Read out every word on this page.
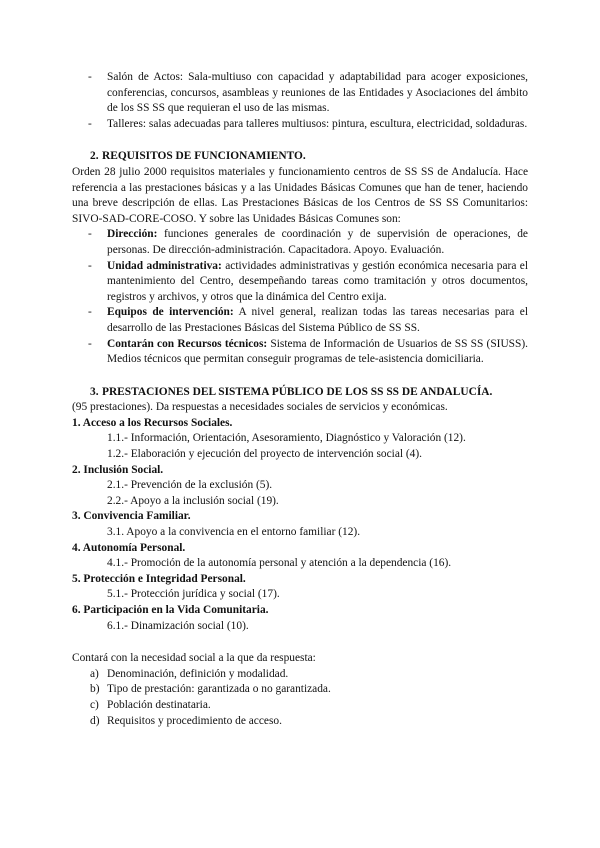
- Salón de Actos: Sala-multiuso con capacidad y adaptabilidad para acoger exposiciones, conferencias, concursos, asambleas y reuniones de las Entidades y Asociaciones del ámbito de los SS SS que requieran el uso de las mismas.
- Talleres: salas adecuadas para talleres multiusos: pintura, escultura, electricidad, soldaduras.
2. REQUISITOS DE FUNCIONAMIENTO.
Orden 28 julio 2000 requisitos materiales y funcionamiento centros de SS SS de Andalucía. Hace referencia a las prestaciones básicas y a las Unidades Básicas Comunes que han de tener, haciendo una breve descripción de ellas. Las Prestaciones Básicas de los Centros de SS SS Comunitarios: SIVO-SAD-CORE-COSO. Y sobre las Unidades Básicas Comunes son:
- Dirección: funciones generales de coordinación y de supervisión de operaciones, de personas. De dirección-administración. Capacitadora. Apoyo. Evaluación.
- Unidad administrativa: actividades administrativas y gestión económica necesaria para el mantenimiento del Centro, desempeñando tareas como tramitación y otros documentos, registros y archivos, y otros que la dinámica del Centro exija.
- Equipos de intervención: A nivel general, realizan todas las tareas necesarias para el desarrollo de las Prestaciones Básicas del Sistema Público de SS SS.
- Contarán con Recursos técnicos: Sistema de Información de Usuarios de SS SS (SIUSS). Medios técnicos que permitan conseguir programas de tele-asistencia domiciliaria.
3. PRESTACIONES DEL SISTEMA PÚBLICO DE LOS SS SS DE ANDALUCÍA.
(95 prestaciones). Da respuestas a necesidades sociales de servicios y económicas.
1. Acceso a los Recursos Sociales.
1.1.- Información, Orientación, Asesoramiento, Diagnóstico y Valoración (12).
1.2.- Elaboración y ejecución del proyecto de intervención social (4).
2. Inclusión Social.
2.1.- Prevención de la exclusión (5).
2.2.- Apoyo a la inclusión social (19).
3. Convivencia Familiar.
3.1. Apoyo a la convivencia en el entorno familiar (12).
4. Autonomía Personal.
4.1.- Promoción de la autonomía personal y atención a la dependencia (16).
5. Protección e Integridad Personal.
5.1.- Protección jurídica y social (17).
6. Participación en la Vida Comunitaria.
6.1.- Dinamización social (10).
Contará con la necesidad social a la que da respuesta:
a) Denominación, definición y modalidad.
b) Tipo de prestación: garantizada o no garantizada.
c) Población destinataria.
d) Requisitos y procedimiento de acceso.
